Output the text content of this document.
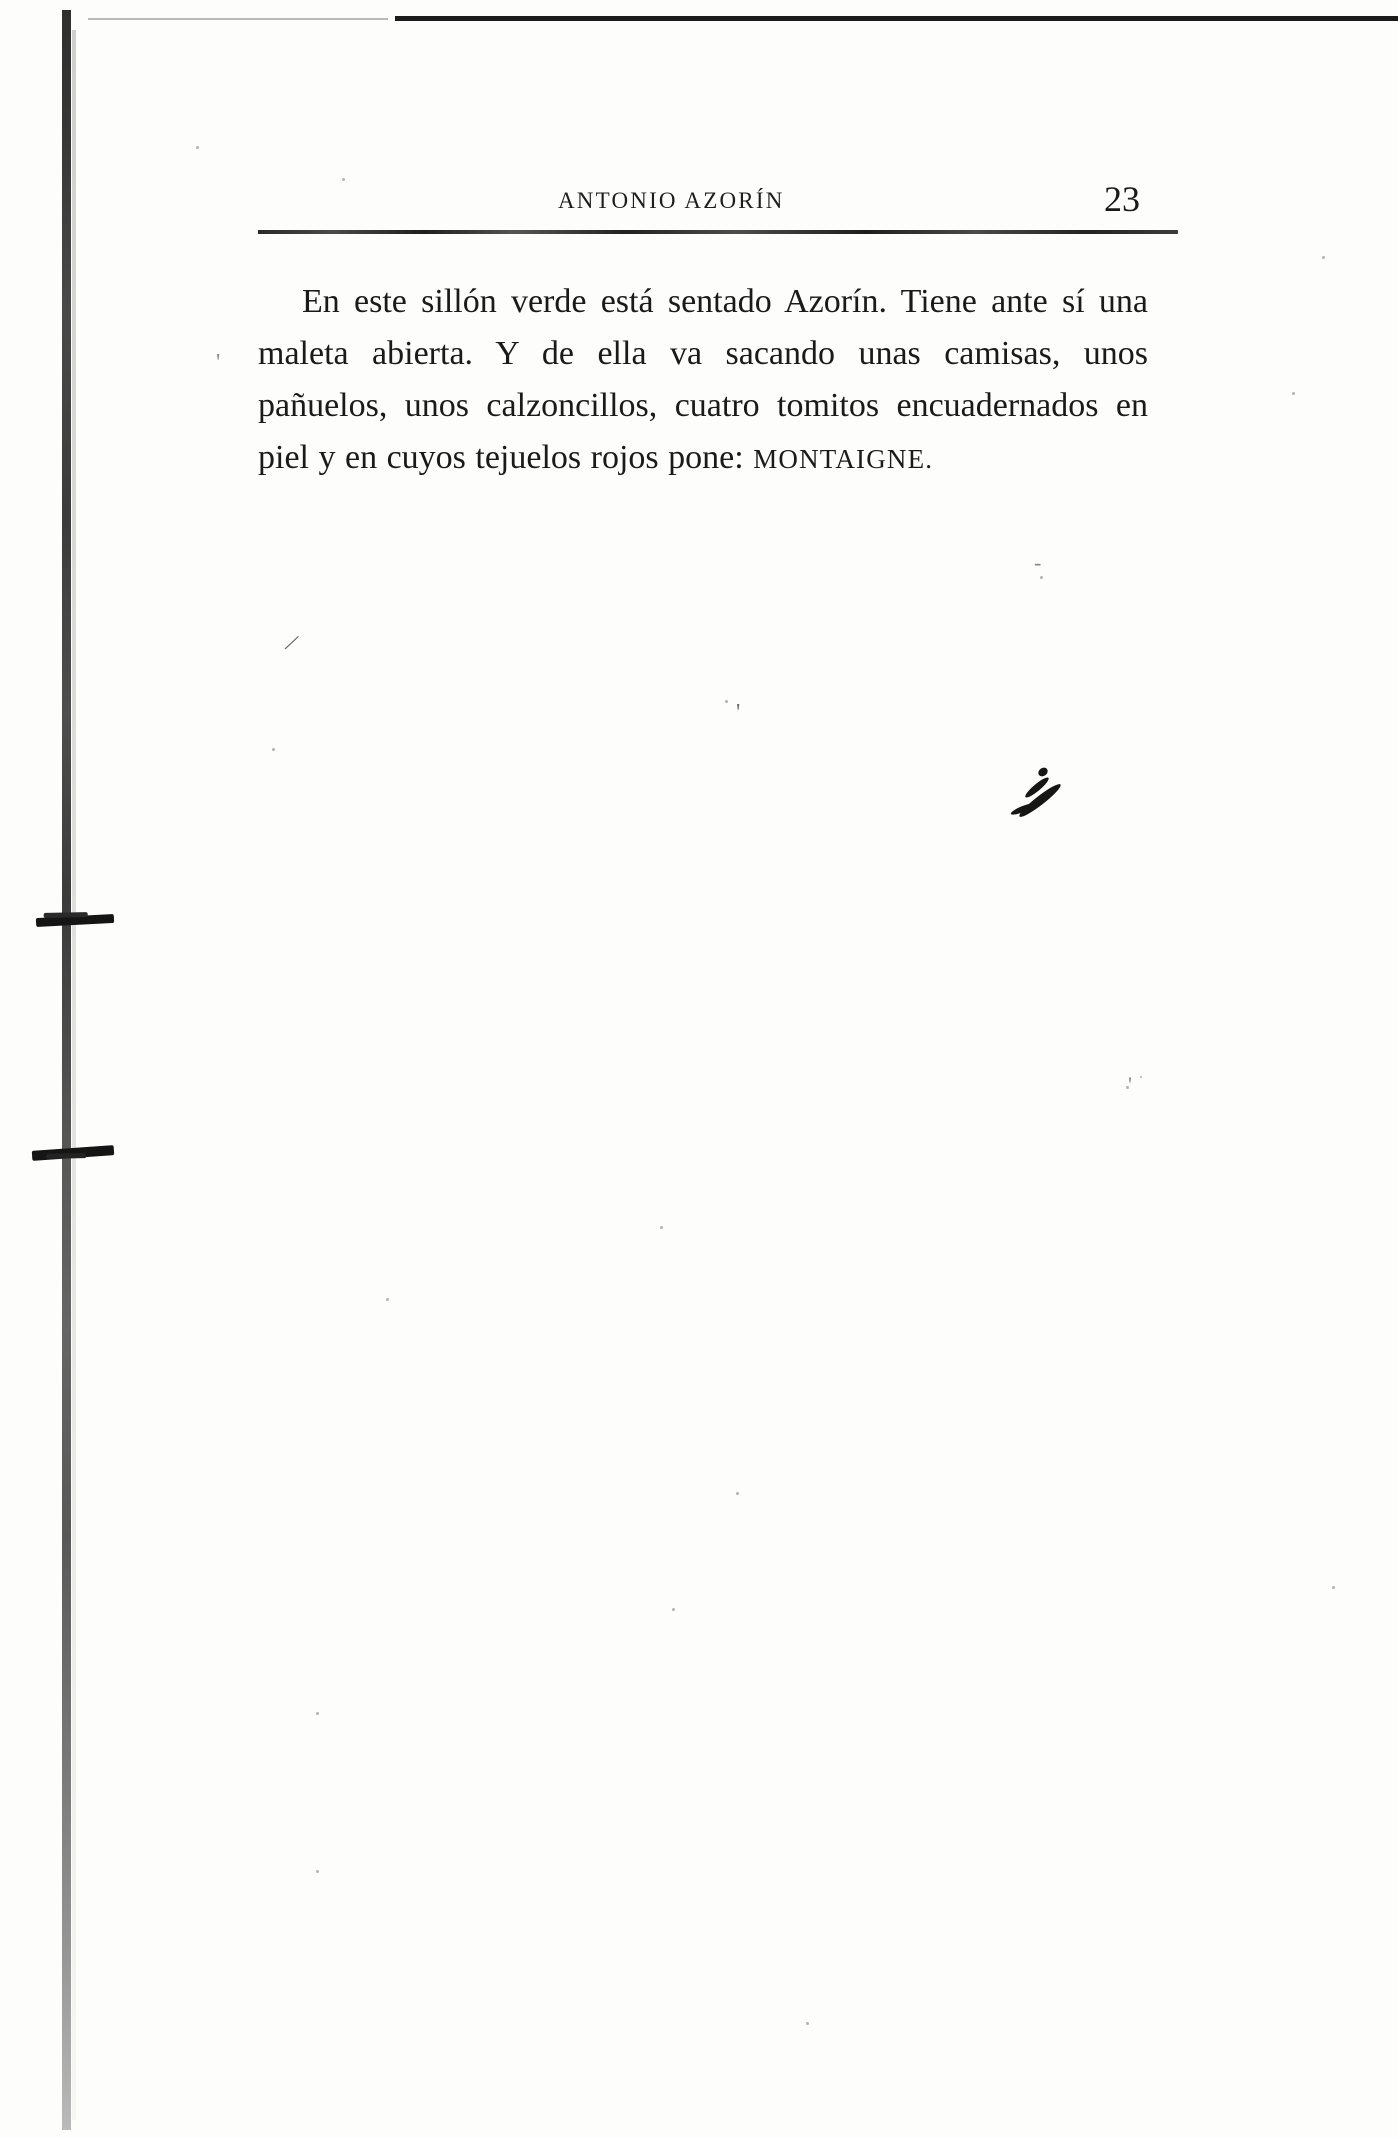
/
'
-
'
'
ANTONIO AZORÍN	23

En este sillón verde está sentado Azorín. Tiene ante sí una maleta abierta. Y de ella va sacando unas camisas, unos pañuelos, unos calzoncillos, cuatro tomitos encuadernados en piel y en cuyos tejuelos rojos pone: MONTAIGNE.
